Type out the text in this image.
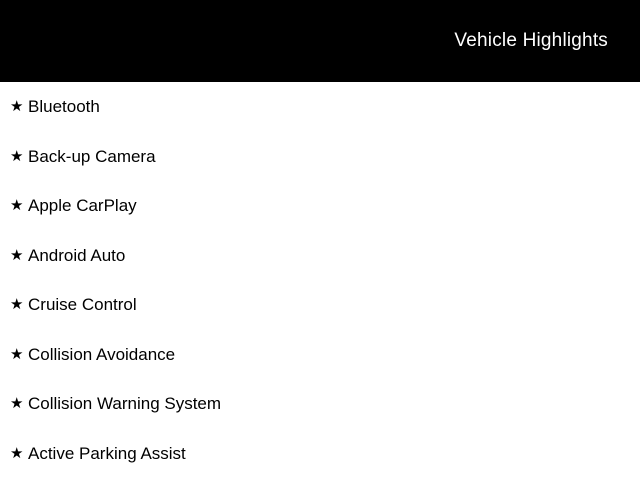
Vehicle Highlights
★ Bluetooth
★ Back-up Camera
★ Apple CarPlay
★ Android Auto
★ Cruise Control
★ Collision Avoidance
★ Collision Warning System
★ Active Parking Assist
